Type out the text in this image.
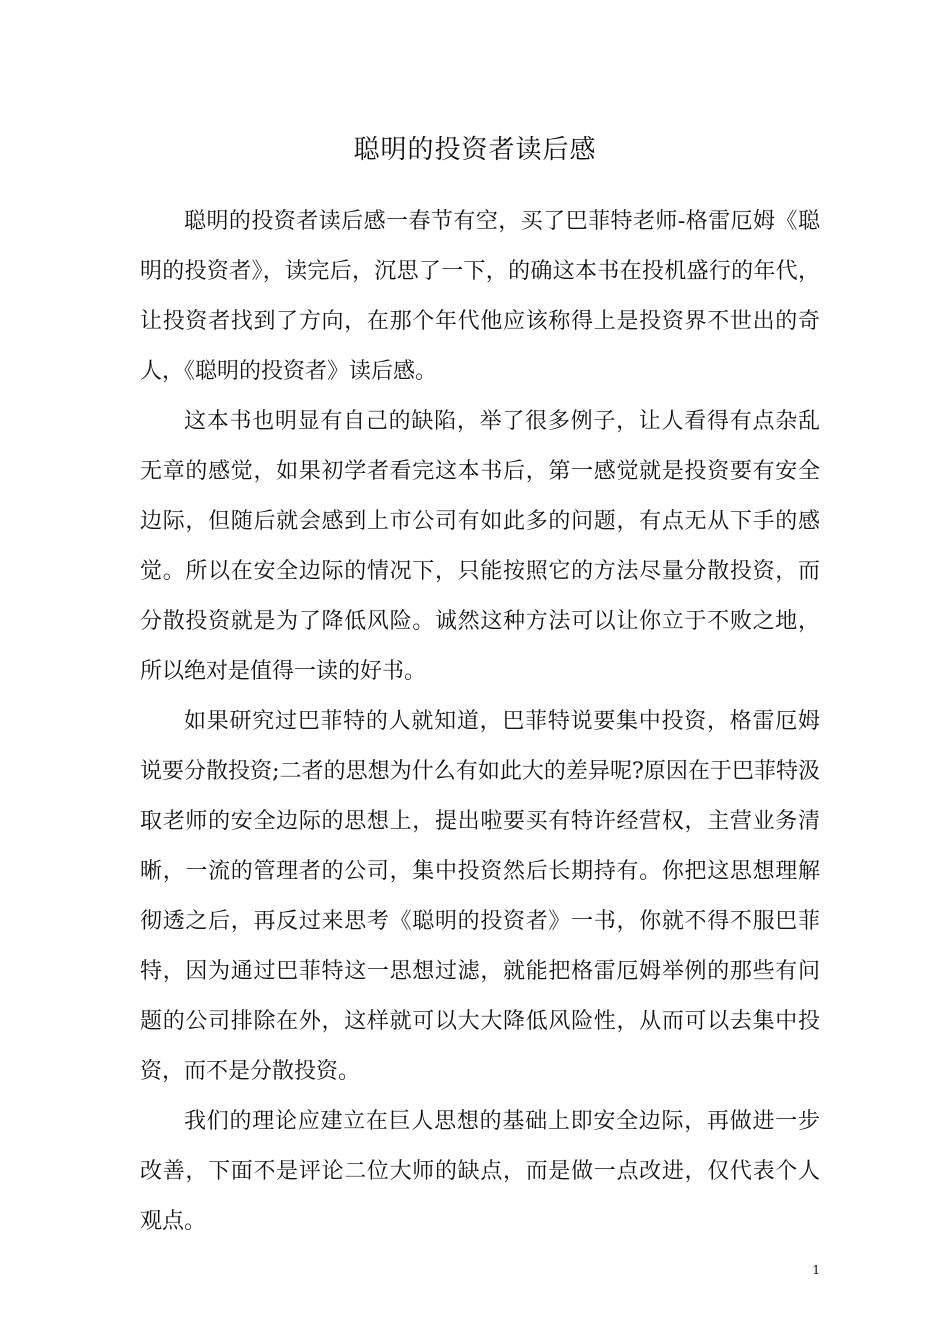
聪明的投资者读后感

聪明的投资者读后感一春节有空，买了巴菲特老师-格雷厄姆《聪明的投资者》，读完后，沉思了一下，的确这本书在投机盛行的年代，让投资者找到了方向，在那个年代他应该称得上是投资界不世出的奇人，《聪明的投资者》读后感。

这本书也明显有自己的缺陷，举了很多例子，让人看得有点杂乱无章的感觉，如果初学者看完这本书后，第一感觉就是投资要有安全边际，但随后就会感到上市公司有如此多的问题，有点无从下手的感觉。所以在安全边际的情况下，只能按照它的方法尽量分散投资，而分散投资就是为了降低风险。诚然这种方法可以让你立于不败之地，所以绝对是值得一读的好书。

如果研究过巴菲特的人就知道，巴菲特说要集中投资，格雷厄姆说要分散投资;二者的思想为什么有如此大的差异呢?原因在于巴菲特汲取老师的安全边际的思想上，提出啦要买有特许经营权，主营业务清晰，一流的管理者的公司，集中投资然后长期持有。你把这思想理解彻透之后，再反过来思考《聪明的投资者》一书，你就不得不服巴菲特，因为通过巴菲特这一思想过滤，就能把格雷厄姆举例的那些有问题的公司排除在外，这样就可以大大降低风险性，从而可以去集中投资，而不是分散投资。

我们的理论应建立在巨人思想的基础上即安全边际，再做进一步改善，下面不是评论二位大师的缺点，而是做一点改进，仅代表个人观点。

1
